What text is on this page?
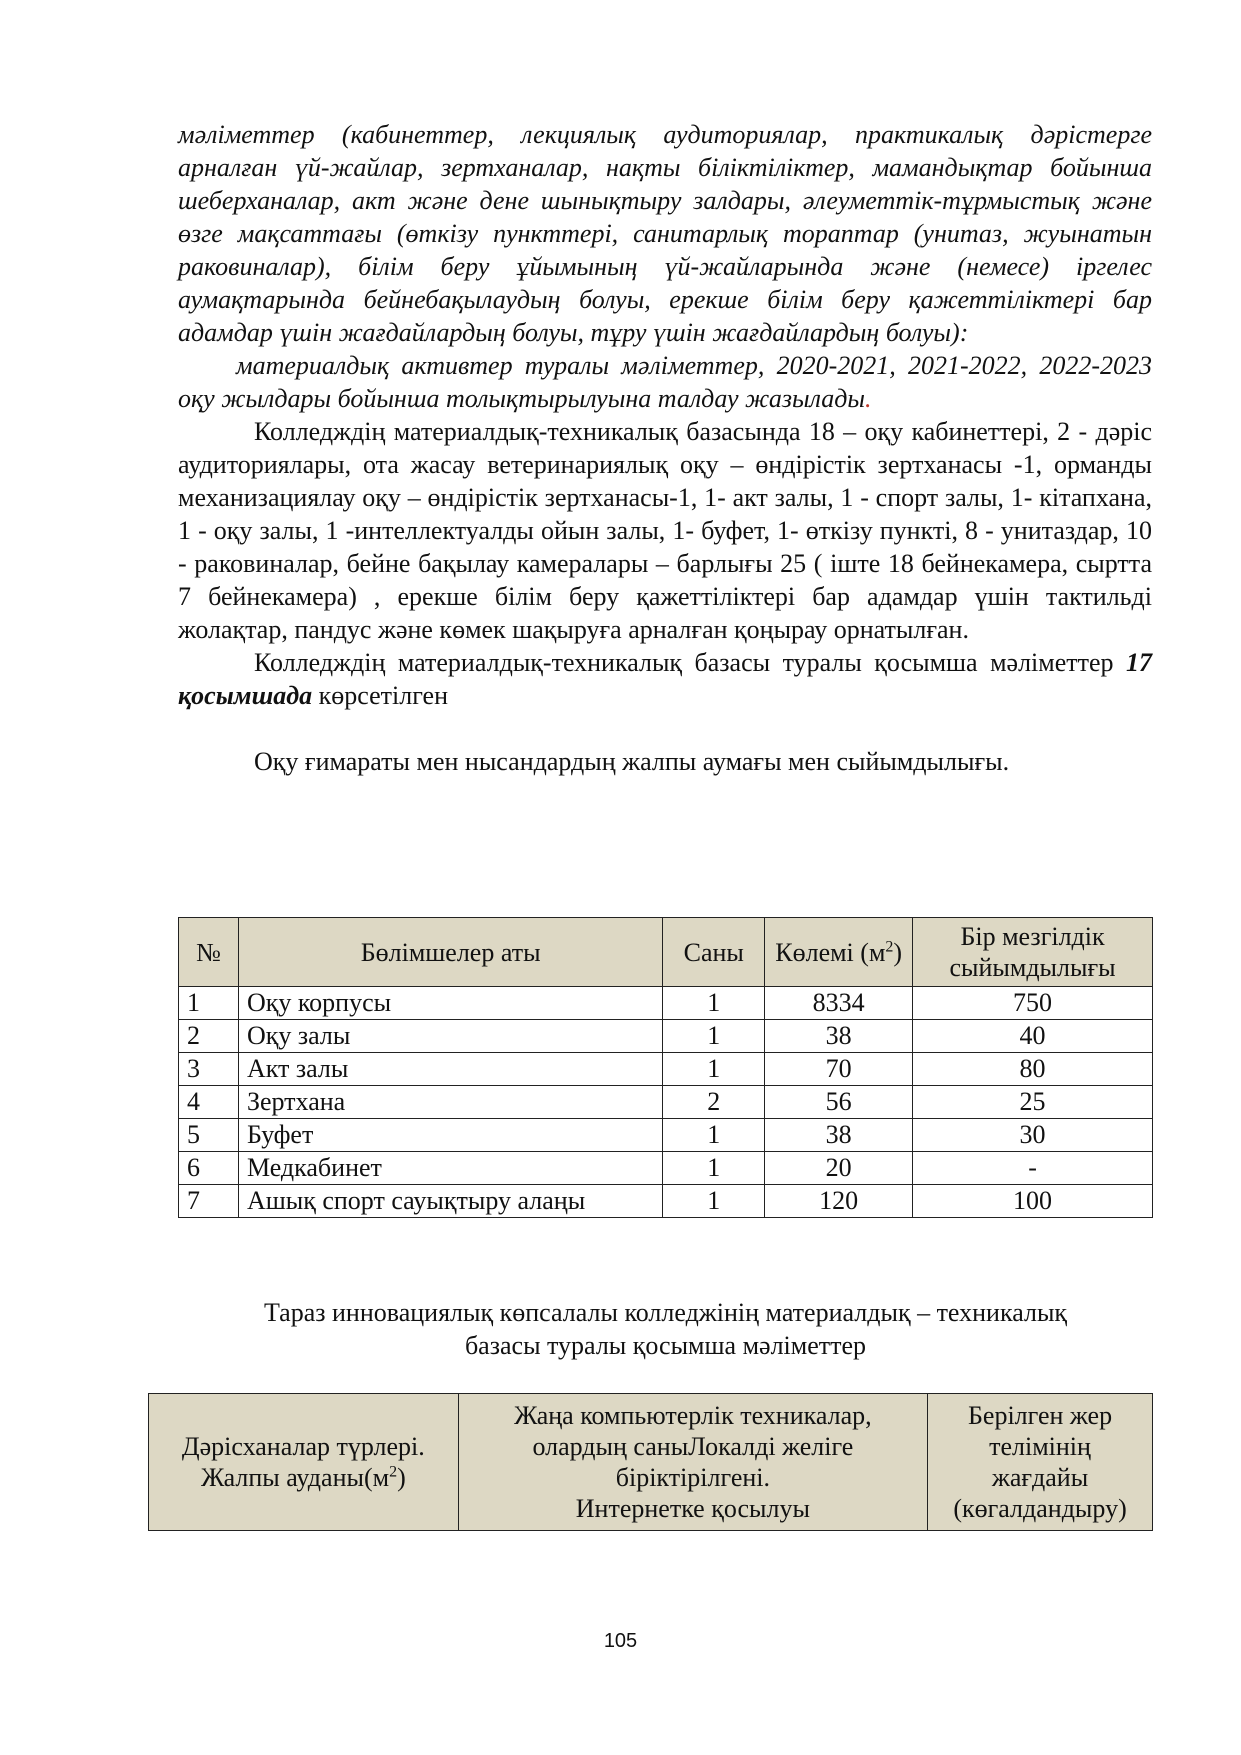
мәліметтер (кабинеттер, лекциялық аудиториялар, практикалық дәрістерге арналған үй-жайлар, зертханалар, нақты біліктіліктер, мамандықтар бойынша шеберханалар, акт және дене шынықтыру залдары, әлеуметтік-тұрмыстық және өзге мақсаттағы (өткізу пункттері, санитарлық тораптар (унитаз, жуынатын раковиналар), білім беру ұйымының үй-жайларында және (немесе) іргелес аумақтарында бейнебақылаудың болуы, ерекше білім беру қажеттіліктері бар адамдар үшін жағдайлардың болуы, тұру үшін жағдайлардың болуы):

материалдық активтер туралы мәліметтер, 2020-2021, 2021-2022, 2022-2023 оқу жылдары бойынша толықтырылуына талдау жазылады.

Колледждің материалдық-техникалық базасында 18 – оқу кабинеттері, 2 - дәріс аудиториялары, ота жасау ветеринариялық оқу – өндірістік зертханасы -1, орманды механизациялау оқу – өндірістік зертханасы-1, 1- акт залы, 1 - спорт залы, 1- кітапхана, 1 - оқу залы, 1 -интеллектуалды ойын залы, 1- буфет, 1- өткізу пункті, 8 - унитаздар, 10 - раковиналар, бейне бақылау камералары – барлығы 25 ( іште 18 бейнекамера, сыртта 7 бейнекамера) , ерекше білім беру қажеттіліктері бар адамдар үшін тактильді жолақтар, пандус және көмек шақыруға арналған қоңырау орнатылған.

Колледждің материалдық-техникалық базасы туралы қосымша мәліметтер 17 қосымшада көрсетілген

Оқу ғимараты мен нысандардың жалпы аумағы мен сыйымдылығы.

№	Бөлімшелер аты	Саны	Көлемі $(м^2)$	Бір мезгілдік сыйымдылығы
1	Оқу корпусы	1	8334	750
2	Оқу залы	1	38	40
3	Акт залы	1	70	80
4	Зертхана	2	56	25
5	Буфет	1	38	30
6	Медкабинет	1	20	-
7	Ашық спорт сауықтыру алаңы	1	120	100
Тараз инновациялық көпсалалы колледжінің материалдық – техникалық
базасы туралы қосымша мәліметтер
Дәрісханалар түрлері.
Жалпы $ауданы(м^2)$

Жаңа компьютерлік техникалар,
олардың саныЛокалді желіге
біріктірілгені.
Интернетке қосылуы

Берілген жер
телімінің
жағдайы
(көгалдандыру)
105
